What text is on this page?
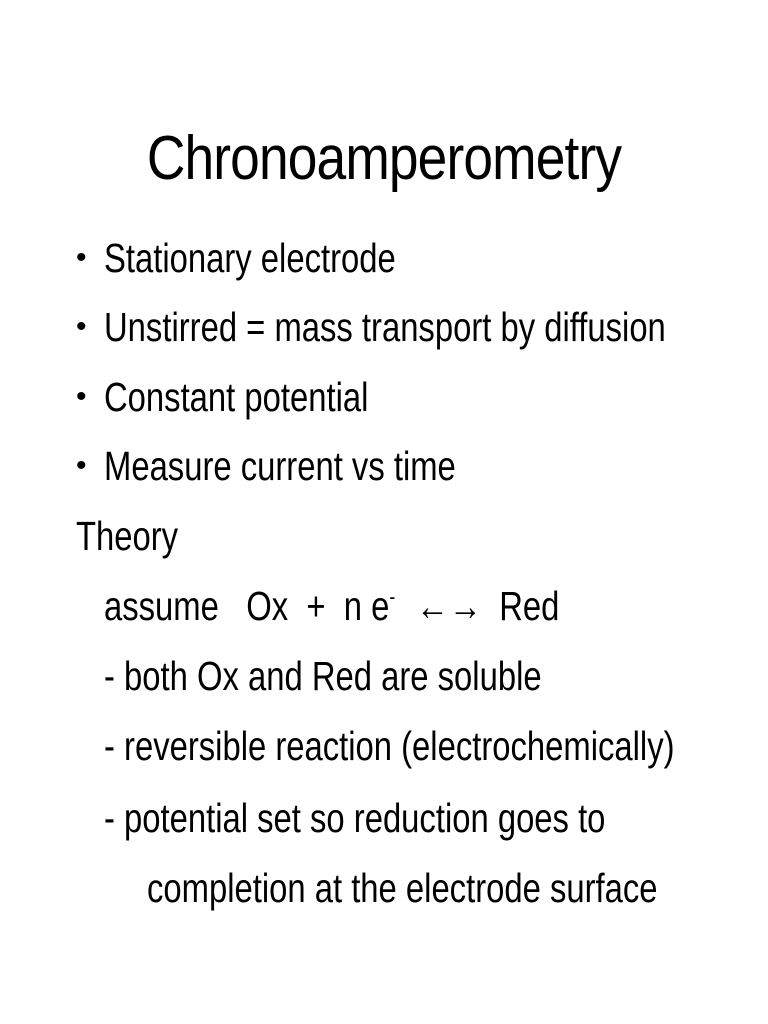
Chronoamperometry
• Stationary electrode
• Unstirred = mass transport by diffusion
• Constant potential
• Measure current vs time
Theory
assume Ox + n e- ←→ Red
- both Ox and Red are soluble
- reversible reaction (electrochemically)
- potential set so reduction goes to
completion at the electrode surface
